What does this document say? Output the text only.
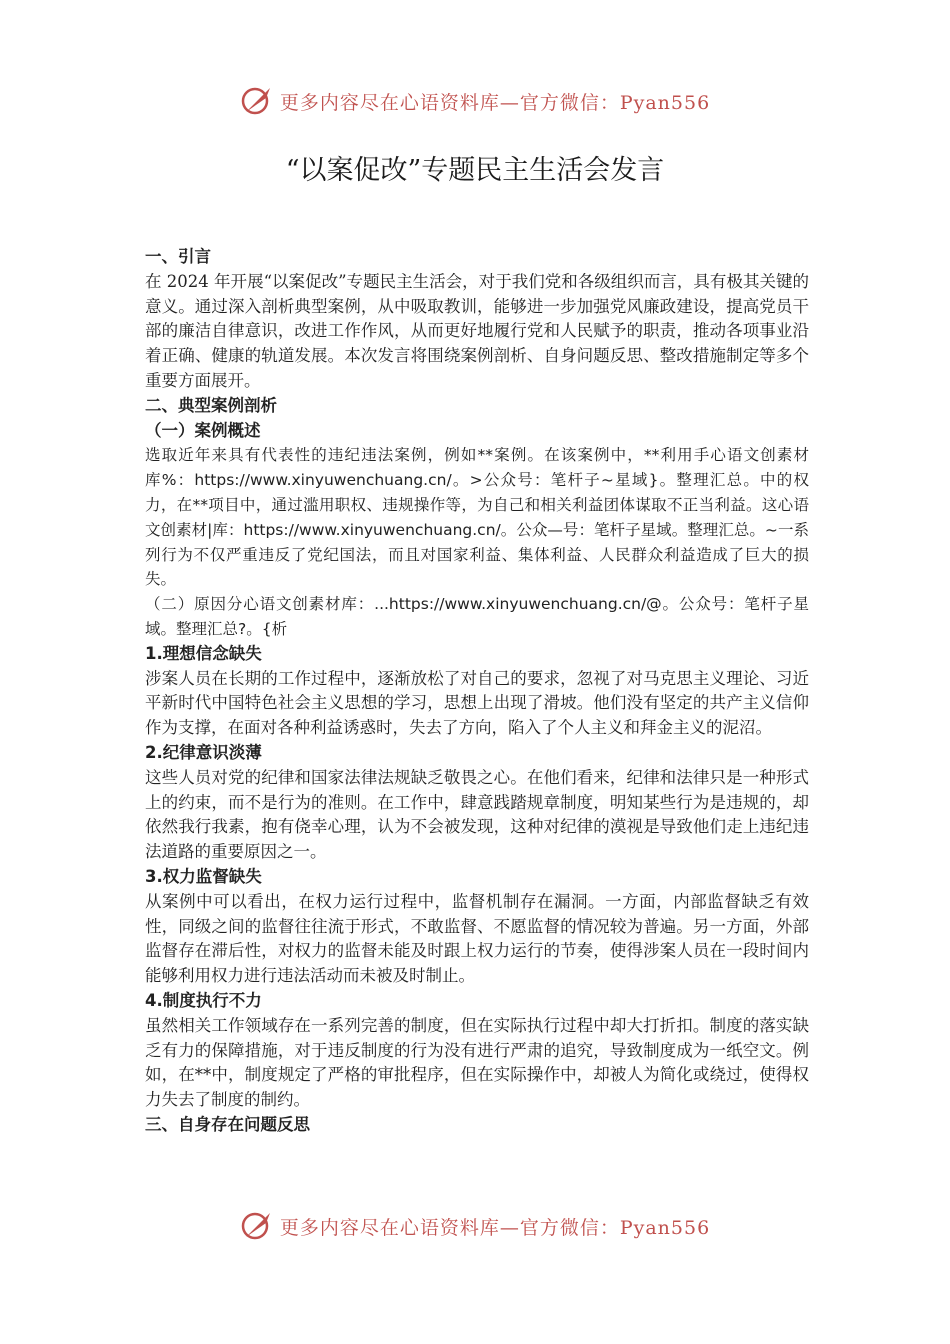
更多内容尽在心语资料库—官方微信：Pyan556
“以案促改”专题民主生活会发言

一、引言

在 2024 年开展“以案促改”专题民主生活会，对于我们党和各级组织而言，具有极其关键的意义。通过深入剖析典型案例，从中吸取教训，能够进一步加强党风廉政建设，提高党员干部的廉洁自律意识，改进工作作风，从而更好地履行党和人民赋予的职责，推动各项事业沿着正确、健康的轨道发展。本次发言将围绕案例剖析、自身问题反思、整改措施制定等多个重要方面展开。

二、典型案例剖析

（一）案例概述

选取近年来具有代表性的违纪违法案例，例如**案例。在该案例中，**利用手心语文创素材库%：https://www.xinyuwenchuang.cn/。>公众号：笔杆子~星域}。整理汇总。中的权力，在**项目中，通过滥用职权、违规操作等，为自己和相关利益团体谋取不正当利益。这心语文创素材|库：https://www.xinyuwenchuang.cn/。公众—号：笔杆子星域。整理汇总。~一系列行为不仅严重违反了党纪国法，而且对国家利益、集体利益、人民群众利益造成了巨大的损失。

（二）原因分心语文创素材库：...https://www.xinyuwenchuang.cn/@。公众号：笔杆子星域。整理汇总?。{析

1.理想信念缺失

涉案人员在长期的工作过程中，逐渐放松了对自己的要求，忽视了对马克思主义理论、习近平新时代中国特色社会主义思想的学习，思想上出现了滑坡。他们没有坚定的共产主义信仰作为支撑，在面对各种利益诱惑时，失去了方向，陷入了个人主义和拜金主义的泥沼。

2.纪律意识淡薄

这些人员对党的纪律和国家法律法规缺乏敬畏之心。在他们看来，纪律和法律只是一种形式上的约束，而不是行为的准则。在工作中，肆意践踏规章制度，明知某些行为是违规的，却依然我行我素，抱有侥幸心理，认为不会被发现，这种对纪律的漠视是导致他们走上违纪违法道路的重要原因之一。

3.权力监督缺失

从案例中可以看出，在权力运行过程中，监督机制存在漏洞。一方面，内部监督缺乏有效性，同级之间的监督往往流于形式，不敢监督、不愿监督的情况较为普遍。另一方面，外部监督存在滞后性，对权力的监督未能及时跟上权力运行的节奏，使得涉案人员在一段时间内能够利用权力进行违法活动而未被及时制止。

4.制度执行不力

虽然相关工作领域存在一系列完善的制度，但在实际执行过程中却大打折扣。制度的落实缺乏有力的保障措施，对于违反制度的行为没有进行严肃的追究，导致制度成为一纸空文。例如，在**中，制度规定了严格的审批程序，但在实际操作中，却被人为简化或绕过，使得权力失去了制度的制约。

三、自身存在问题反思

更多内容尽在心语资料库—官方微信：Pyan556
